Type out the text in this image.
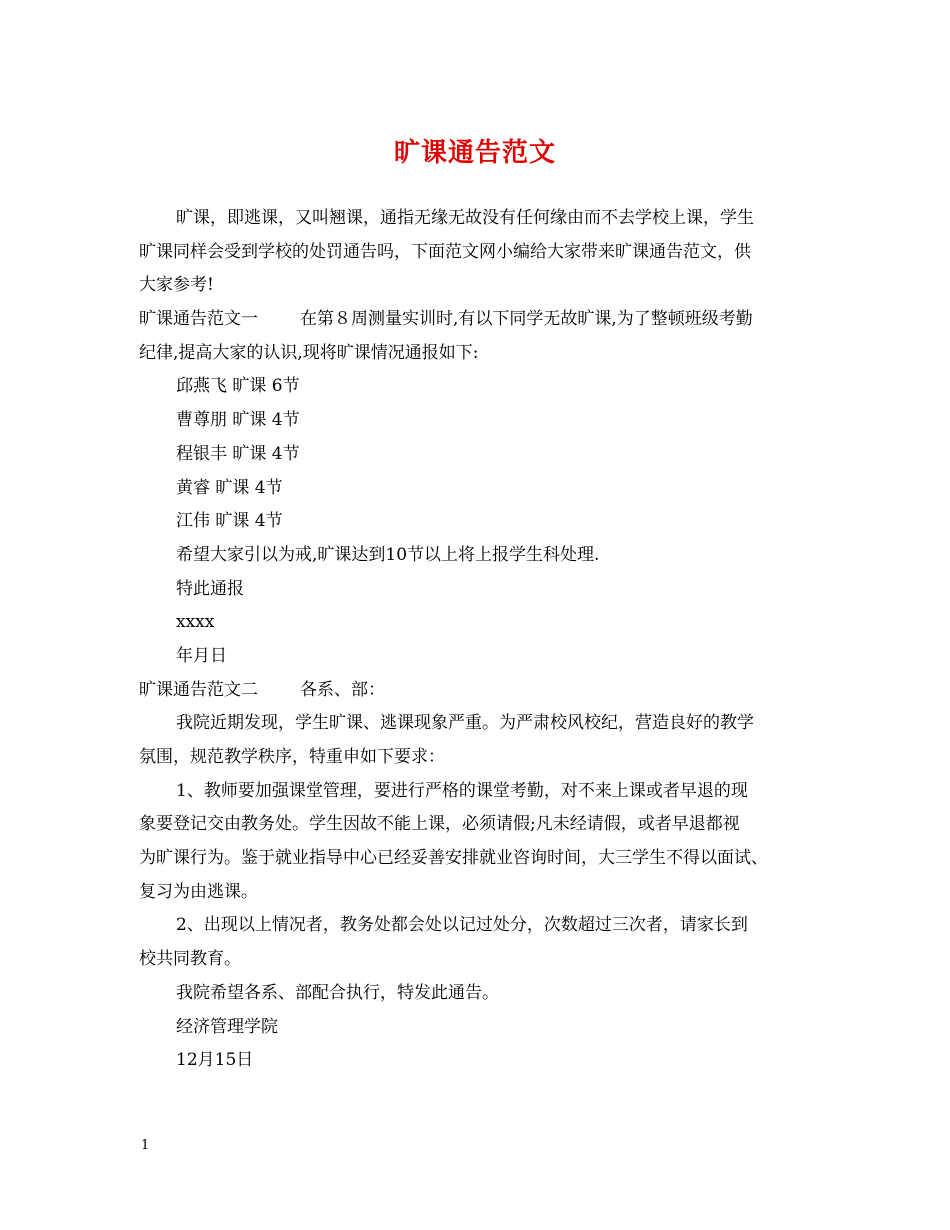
旷课通告范文
旷课，即逃课，又叫翘课，通指无缘无故没有任何缘由而不去学校上课，学生
旷课同样会受到学校的处罚通告吗，下面范文网小编给大家带来旷课通告范文，供
大家参考!
旷课通告范文一 在第８周测量实训时,有以下同学无故旷课,为了整顿班级考勤
纪律,提高大家的认识,现将旷课情况通报如下:
邱燕飞 旷课 6节
曹尊朋 旷课 4节
程银丰 旷课 4节
黄睿 旷课 4节
江伟 旷课 4节
希望大家引以为戒,旷课达到10节以上将上报学生科处理.
特此通报
xxxx
年月日
旷课通告范文二 各系、部：
我院近期发现，学生旷课、逃课现象严重。为严肃校风校纪，营造良好的教学
氛围，规范教学秩序，特重申如下要求：
1、教师要加强课堂管理，要进行严格的课堂考勤，对不来上课或者早退的现
象要登记交由教务处。学生因故不能上课，必须请假;凡未经请假，或者早退都视
为旷课行为。鉴于就业指导中心已经妥善安排就业咨询时间，大三学生不得以面试、
复习为由逃课。
2、出现以上情况者，教务处都会处以记过处分，次数超过三次者，请家长到
校共同教育。
我院希望各系、部配合执行，特发此通告。
经济管理学院
12月15日
1
